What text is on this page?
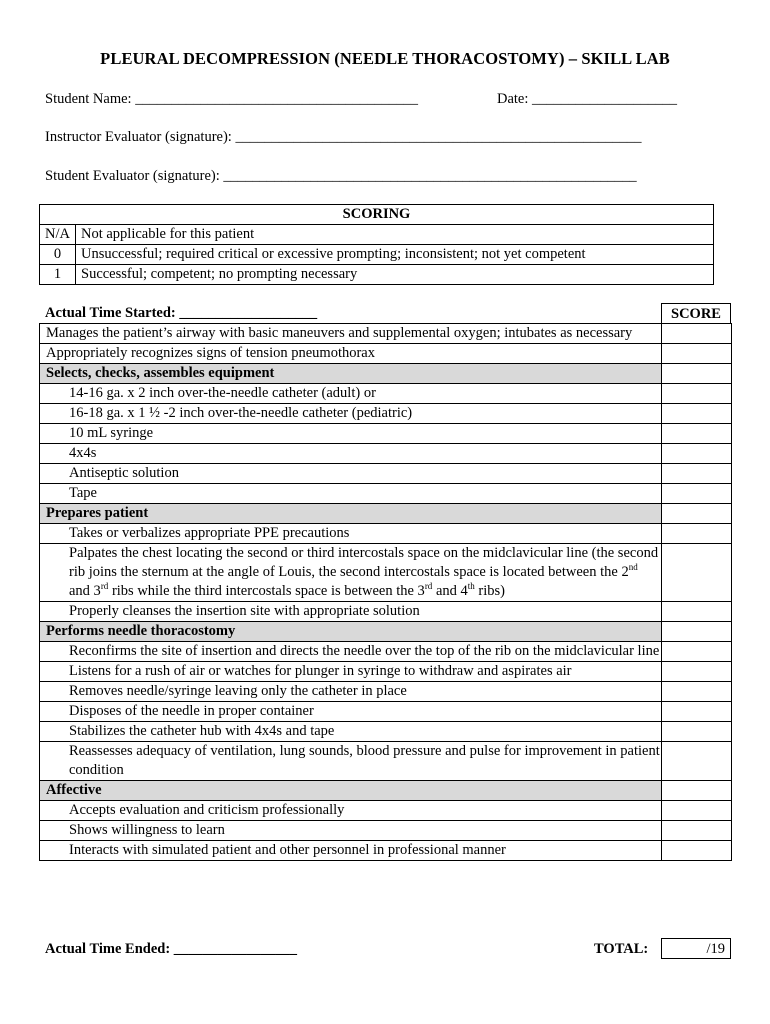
PLEURAL DECOMPRESSION (NEEDLE THORACOSTOMY) – SKILL LAB
Student Name: _______________________________________	Date: ____________________
Instructor Evaluator (signature): ________________________________________________________
Student Evaluator (signature): _________________________________________________________
SCORING	
N/A	Not applicable for this patient
0	Unsuccessful; required critical or excessive prompting; inconsistent; not yet competent
1	Successful; competent; no prompting necessary
Actual Time Started: ___________________	SCORE
Manages the patient’s airway with basic maneuvers and supplemental oxygen; intubates as necessary	
Appropriately recognizes signs of tension pneumothorax	
Selects, checks, assembles equipment	
14-16 ga. x 2 inch over-the-needle catheter (adult) or	
16-18 ga. x 1 ½ -2 inch over-the-needle catheter (pediatric)	
10 mL syringe	
4x4s	
Antiseptic solution	
Tape	
Prepares patient	
Takes or verbalizes appropriate PPE precautions	
Palpates the chest locating the second or third intercostals space on the midclavicular line (the second rib joins the sternum at the angle of Louis, the second intercostals space is located between the 2nd and 3rd ribs while the third intercostals space is between the 3rd and 4th ribs)	
Properly cleanses the insertion site with appropriate solution	
Performs needle thoracostomy	
Reconfirms the site of insertion and directs the needle over the top of the rib on the midclavicular line	
Listens for a rush of air or watches for plunger in syringe to withdraw and aspirates air	
Removes needle/syringe leaving only the catheter in place	
Disposes of the needle in proper container	
Stabilizes the catheter hub with 4x4s and tape	
Reassesses adequacy of ventilation, lung sounds, blood pressure and pulse for improvement in patient condition	
Affective	
Accepts evaluation and criticism professionally	
Shows willingness to learn	
Interacts with simulated patient and other personnel in professional manner	
Actual Time Ended: _________________	TOTAL:	/19
